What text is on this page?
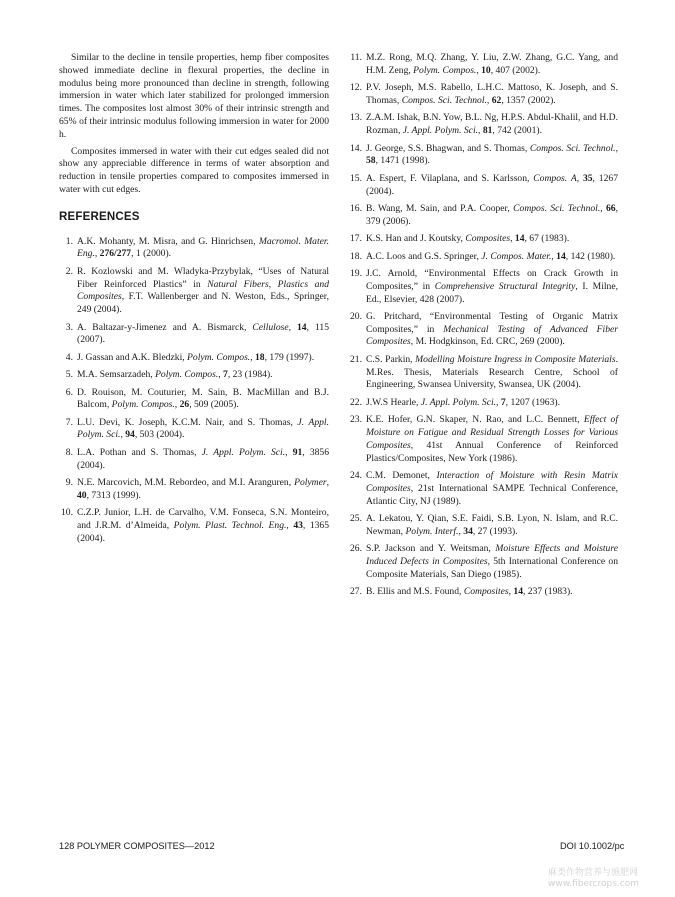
Similar to the decline in tensile properties, hemp fiber composites showed immediate decline in flexural properties, the decline in modulus being more pronounced than decline in strength, following immersion in water which later stabilized for prolonged immersion times. The composites lost almost 30% of their intrinsic strength and 65% of their intrinsic modulus following immersion in water for 2000 h.

Composites immersed in water with their cut edges sealed did not show any appreciable difference in terms of water absorption and reduction in tensile properties compared to composites immersed in water with cut edges.

REFERENCES
1. A.K. Mohanty, M. Misra, and G. Hinrichsen, Macromol. Mater. Eng., 276/277, 1 (2000).
2. R. Kozlowski and M. Wladyka-Przybylak, “Uses of Natural Fiber Reinforced Plastics” in Natural Fibers, Plastics and Composites, F.T. Wallenberger and N. Weston, Eds., Springer, 249 (2004).
3. A. Baltazar-y-Jimenez and A. Bismarck, Cellulose, 14, 115 (2007).
4. J. Gassan and A.K. Bledzki, Polym. Compos., 18, 179 (1997).
5. M.A. Semsarzadeh, Polym. Compos., 7, 23 (1984).
6. D. Rouison, M. Couturier, M. Sain, B. MacMillan and B.J. Balcom, Polym. Compos., 26, 509 (2005).
7. L.U. Devi, K. Joseph, K.C.M. Nair, and S. Thomas, J. Appl. Polym. Sci., 94, 503 (2004).
8. L.A. Pothan and S. Thomas, J. Appl. Polym. Sci., 91, 3856 (2004).
9. N.E. Marcovich, M.M. Rebordeo, and M.I. Aranguren, Polymer, 40, 7313 (1999).
10. C.Z.P. Junior, L.H. de Carvalho, V.M. Fonseca, S.N. Monteiro, and J.R.M. d’Almeida, Polym. Plast. Technol. Eng., 43, 1365 (2004).
11. M.Z. Rong, M.Q. Zhang, Y. Liu, Z.W. Zhang, G.C. Yang, and H.M. Zeng, Polym. Compos., 10, 407 (2002).
12. P.V. Joseph, M.S. Rabello, L.H.C. Mattoso, K. Joseph, and S. Thomas, Compos. Sci. Technol., 62, 1357 (2002).
13. Z.A.M. Ishak, B.N. Yow, B.L. Ng, H.P.S. Abdul-Khalil, and H.D. Rozman, J. Appl. Polym. Sci., 81, 742 (2001).
14. J. George, S.S. Bhagwan, and S. Thomas, Compos. Sci. Technol., 58, 1471 (1998).
15. A. Espert, F. Vilaplana, and S. Karlsson, Compos. A, 35, 1267 (2004).
16. B. Wang, M. Sain, and P.A. Cooper, Compos. Sci. Technol., 66, 379 (2006).
17. K.S. Han and J. Koutsky, Composites, 14, 67 (1983).
18. A.C. Loos and G.S. Springer, J. Compos. Mater., 14, 142 (1980).
19. J.C. Arnold, “Environmental Effects on Crack Growth in Composites,” in Comprehensive Structural Integrity, I. Milne, Ed., Elsevier, 428 (2007).
20. G. Pritchard, “Environmental Testing of Organic Matrix Composites,” in Mechanical Testing of Advanced Fiber Composites, M. Hodgkinson, Ed. CRC, 269 (2000).
21. C.S. Parkin, Modelling Moisture Ingress in Composite Materials. M.Res. Thesis, Materials Research Centre, School of Engineering, Swansea University, Swansea, UK (2004).
22. J.W.S Hearle, J. Appl. Polym. Sci., 7, 1207 (1963).
23. K.E. Hofer, G.N. Skaper, N. Rao, and L.C. Bennett, Effect of Moisture on Fatigue and Residual Strength Losses for Various Composites, 41st Annual Conference of Reinforced Plastics/Composites, New York (1986).
24. C.M. Demonet, Interaction of Moisture with Resin Matrix Composites, 21st International SAMPE Technical Conference, Atlantic City, NJ (1989).
25. A. Lekatou, Y. Qian, S.E. Faidi, S.B. Lyon, N. Islam, and R.C. Newman, Polym. Interf., 34, 27 (1993).
26. S.P. Jackson and Y. Weitsman, Moisture Effects and Moisture Induced Defects in Composites, 5th International Conference on Composite Materials, San Diego (1985).
27. B. Ellis and M.S. Found, Composites, 14, 237 (1983).
128 POLYMER COMPOSITES—2012	DOI 10.1002/pc
麻类作物营养与施肥网
www.fibercrops.com
